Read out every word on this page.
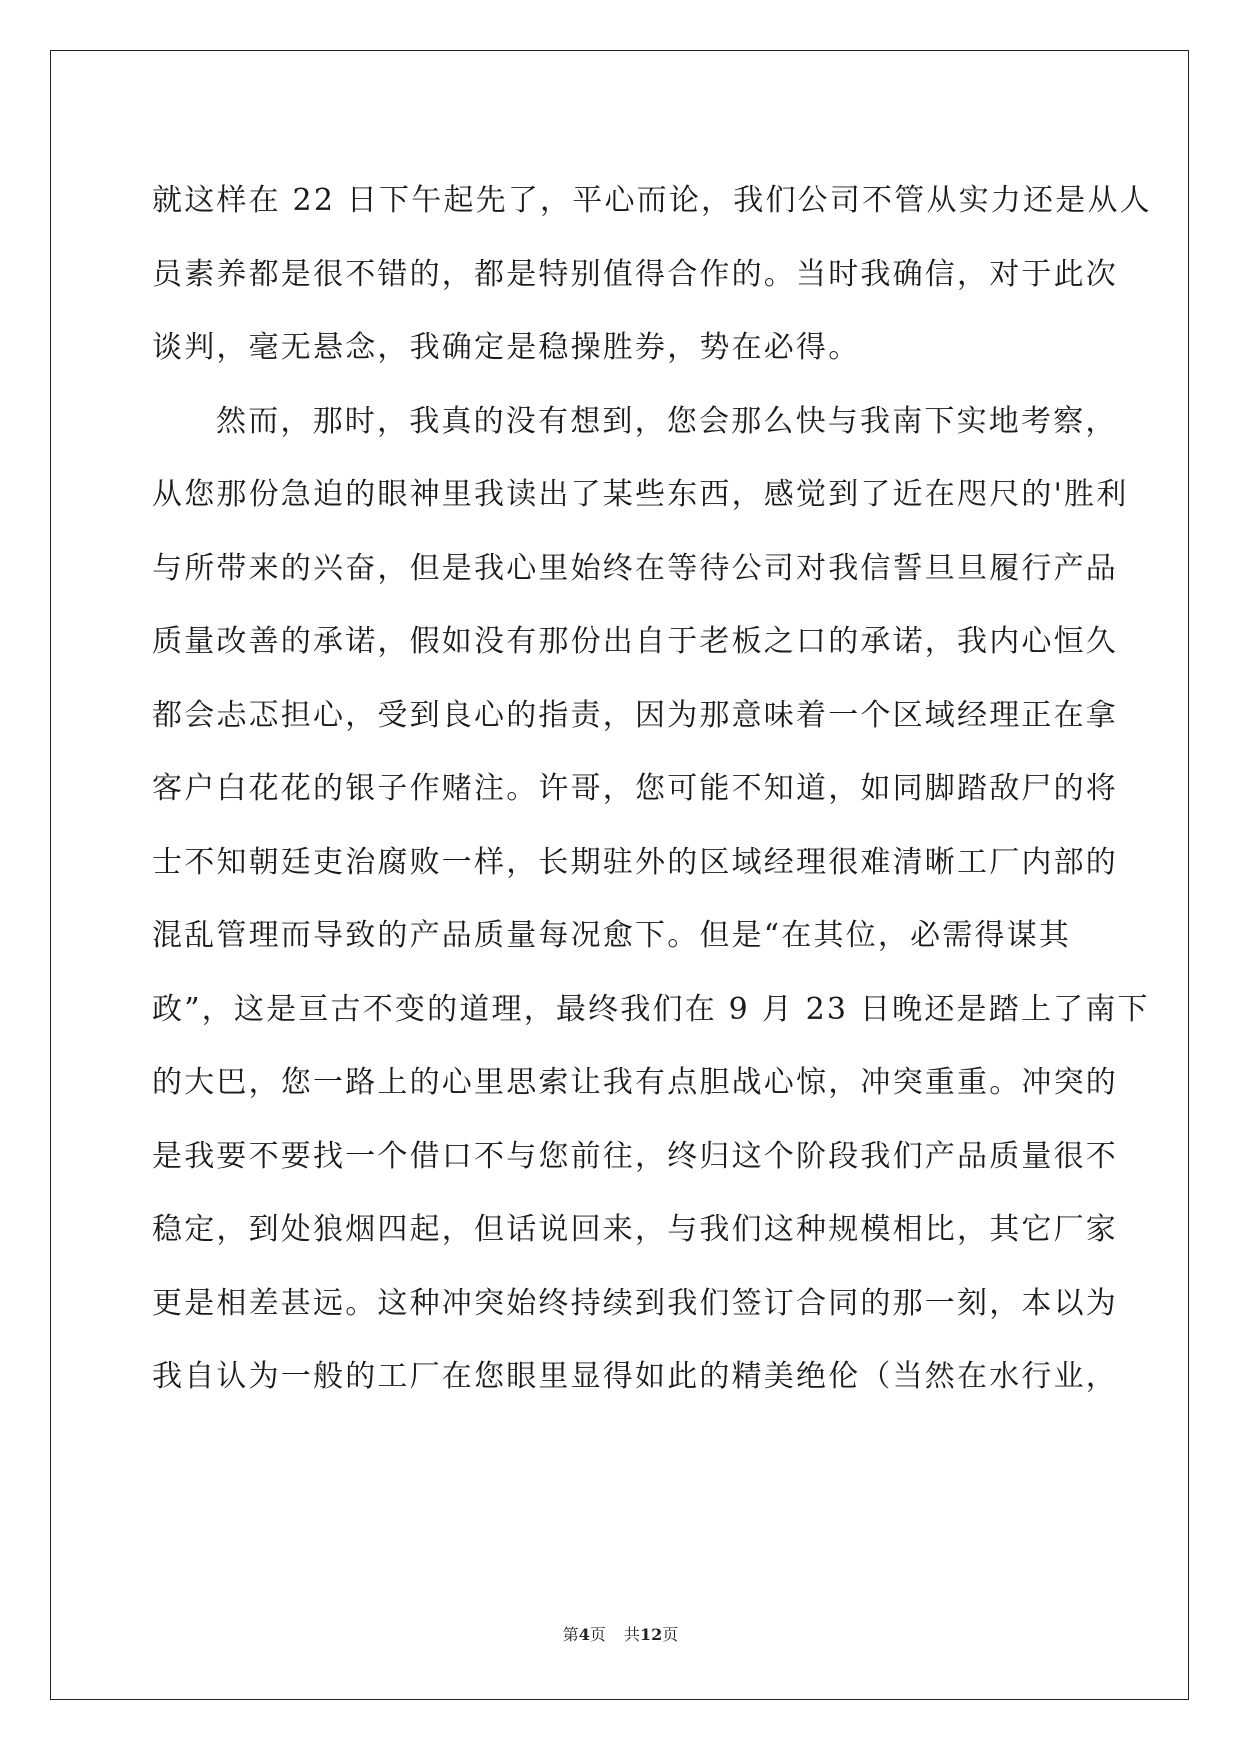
就这样在 22 日下午起先了，平心而论，我们公司不管从实力还是从人
员素养都是很不错的，都是特别值得合作的。当时我确信，对于此次
谈判，毫无悬念，我确定是稳操胜券，势在必得。

然而，那时，我真的没有想到，您会那么快与我南下实地考察，
从您那份急迫的眼神里我读出了某些东西，感觉到了近在咫尺的'胜利
与所带来的兴奋，但是我心里始终在等待公司对我信誓旦旦履行产品
质量改善的承诺，假如没有那份出自于老板之口的承诺，我内心恒久
都会忐忑担心，受到良心的指责，因为那意味着一个区域经理正在拿
客户白花花的银子作赌注。许哥，您可能不知道，如同脚踏敌尸的将
士不知朝廷吏治腐败一样，长期驻外的区域经理很难清晰工厂内部的
混乱管理而导致的产品质量每况愈下。但是“在其位，必需得谋其
政”，这是亘古不变的道理，最终我们在 9 月 23 日晚还是踏上了南下
的大巴，您一路上的心里思索让我有点胆战心惊，冲突重重。冲突的
是我要不要找一个借口不与您前往，终归这个阶段我们产品质量很不
稳定，到处狼烟四起，但话说回来，与我们这种规模相比，其它厂家
更是相差甚远。这种冲突始终持续到我们签订合同的那一刻，本以为
我自认为一般的工厂在您眼里显得如此的精美绝伦（当然在水行业，

第4页 共12页
